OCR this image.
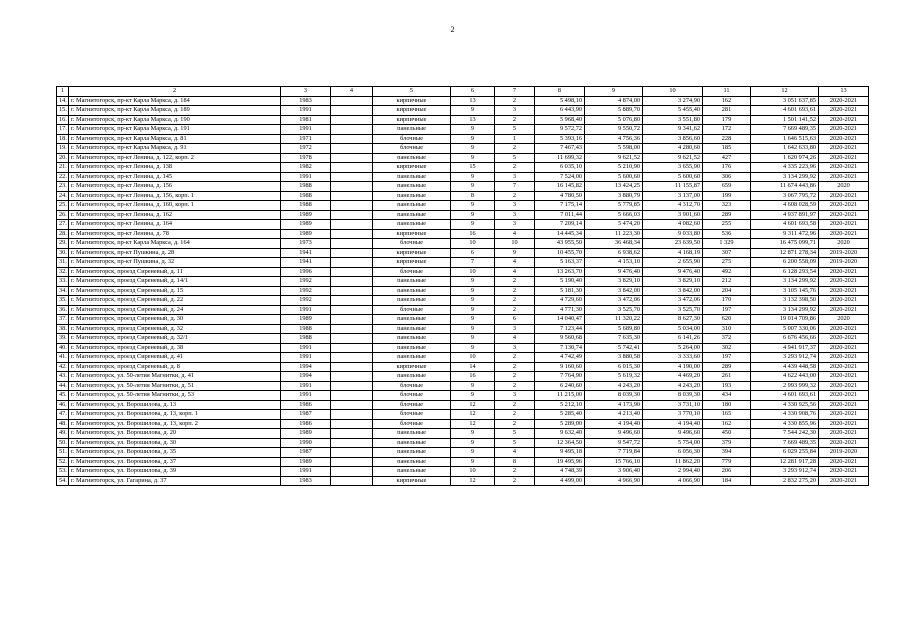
2
1	2	3	4	5	6	7	8	9	10	11	12	13
14.	г. Магнитогорск, пр-кт Карла Маркса, д. 184	1983		кирпичные	13	2	5 498,10	4 874,00	3 274,90	162	3 051 637,85	2020-2021
15.	г. Магнитогорск, пр-кт Карла Маркса, д. 189	1991		кирпичные	9	3	6 443,90	5 889,70	5 455,40	281	4 601 693,61	2020-2021
16.	г. Магнитогорск, пр-кт Карла Маркса, д. 190	1981		кирпичные	13	2	5 968,40	5 076,80	3 551,80	179	1 501 141,52	2020-2021
17.	г. Магнитогорск, пр-кт Карла Маркса, д. 191	1991		панельные	9	5	9 572,72	9 550,72	9 341,62	172	7 669 489,35	2020-2021
18.	г. Магнитогорск, пр-кт Карла Маркса, д. 81	1971		блочные	9	1	5 393,16	4 756,36	3 856,60	228	1 646 515,63	2020-2021
19.	г. Магнитогорск, пр-кт Карла Маркса, д. 91	1972		блочные	9	2	7 467,43	5 598,00	4 280,60	185	1 642 633,80	2020-2021
20.	г. Магнитогорск, пр-кт Ленина, д. 122, корп. 2	1978		панельные	9	5	11 699,32	9 621,52	9 621,52	427	1 620 974,26	2020-2021
21.	г. Магнитогорск, пр-кт Ленина, д. 138	1982		кирпичные	15	2	6 035,10	5 210,90	3 655,90	176	4 335 223,96	2020-2021
22.	г. Магнитогорск, пр-кт Ленина, д. 145	1991		панельные	9	3	7 524,00	5 600,60	5 600,60	306	3 134 299,92	2020-2021
23.	г. Магнитогорск, пр-кт Ленина, д. 156	1988		панельные	9	7	16 145,82	13 424,25	11 155,87	659	11 674 443,86	2020
24.	г. Магнитогорск, пр-кт Ленина, д. 156, корп. 1	1988		панельные	8	2	4 780,50	3 880,79	3 137,00	199	3 067 795,72	2020-2021
25.	г. Магнитогорск, пр-кт Ленина, д. 160, корп. 1	1988		панельные	9	3	7 175,14	5 779,85	4 312,70	323	4 608 028,59	2020-2021
26.	г. Магнитогорск, пр-кт Ленина, д. 162	1989		панельные	9	3	7 011,44	5 666,03	3 901,60	289	4 937 891,97	2020-2021
27.	г. Магнитогорск, пр-кт Ленина, д. 164	1989		панельные	9	3	7 209,14	5 474,20	4 082,60	255	4 601 693,58	2020-2021
28.	г. Магнитогорск, пр-кт Ленина, д. 78	1989		кирпичные	16	4	14 445,34	11 223,30	9 033,80	536	9 311 472,96	2020-2021
29.	г. Магнитогорск, пр-кт Карла Маркса, д. 164	1973		блочные	10	10	43 955,50	36 468,34	23 639,50	1 329	16 475 099,71	2020
30.	г. Магнитогорск, пр-кт Пушкина, д. 28	1941		кирпичные	6	9	10 455,70	6 938,62	4 168,19	307	12 871 278,34	2019-2020
31.	г. Магнитогорск, пр-кт Пушкина, д. 32	1941		кирпичные	7	4	5 163,37	4 153,10	2 655,90	275	6 200 558,09	2019-2020
32.	г. Магнитогорск, проезд Сиреневый, д. 11	1996		блочные	10	4	13 263,70	9 476,40	9 476,40	492	6 128 293,54	2020-2021
33.	г. Магнитогорск, проезд Сиреневый, д. 14/1	1992		панельные	9	2	5 190,40	3 829,10	3 829,10	212	3 134 299,92	2020-2021
34.	г. Магнитогорск, проезд Сиреневый, д. 15	1992		панельные	9	2	5 181,30	3 842,00	3 842,00	204	3 105 145,76	2020-2021
35.	г. Магнитогорск, проезд Сиреневый, д. 22	1992		панельные	9	2	4 729,60	3 472,06	3 472,06	170	3 132 398,50	2020-2021
36.	г. Магнитогорск, проезд Сиреневый, д. 24	1991		блочные	9	2	4 771,30	3 525,70	3 525,70	197	3 134 299,92	2020-2021
37.	г. Магнитогорск, проезд Сиреневый, д. 30	1989		панельные	9	6	14 040,47	11 320,22	8 627,30	620	19 014 709,86	2020
38.	г. Магнитогорск, проезд Сиреневый, д. 32	1988		панельные	9	3	7 123,44	5 689,80	5 034,00	310	5 007 330,06	2020-2021
39.	г. Магнитогорск, проезд Сиреневый, д. 32/1	1988		панельные	9	4	9 560,68	7 635,30	6 141,26	372	6 676 456,66	2020-2021
40.	г. Магнитогорск, проезд Сиреневый, д. 38	1991		панельные	9	3	7 130,74	5 742,41	5 264,00	302	4 941 917,37	2020-2021
41.	г. Магнитогорск, проезд Сиреневый, д. 41	1991		панельные	10	2	4 742,49	3 880,58	3 333,60	197	3 293 912,74	2020-2021
42.	г. Магнитогорск, проезд Сиреневый, д. 8	1994		кирпичные	14	2	9 160,60	6 015,30	4 190,00	289	4 439 448,58	2020-2021
43.	г. Магнитогорск, ул. 50-летия Магнитки, д. 41	1994		панельные	16	2	7 764,90	5 619,32	4 469,20	261	4 622 443,00	2020-2021
44.	г. Магнитогорск, ул. 50-летия Магнитки, д. 51	1991		блочные	9	2	6 240,60	4 243,20	4 243,20	193	2 993 999,32	2020-2021
45.	г. Магнитогорск, ул. 50-летия Магнитки, д. 53	1991		блочные	9	3	11 215,00	8 039,30	8 039,30	434	4 601 693,61	2020-2021
46.	г. Магнитогорск, ул. Ворошилова, д. 13	1986		блочные	12	2	5 212,10	4 173,90	3 731,10	180	4 330 925,56	2020-2021
47.	г. Магнитогорск, ул. Ворошилова, д. 13, корп. 1	1987		блочные	12	2	5 285,40	4 213,40	3 770,10	165	4 330 908,76	2020-2021
48.	г. Магнитогорск, ул. Ворошилова, д. 13, корп. 2	1986		блочные	12	2	5 289,00	4 194,40	4 194,40	162	4 330 855,96	2020-2021
49.	г. Магнитогорск, ул. Ворошилова, д. 20	1989		панельные	9	5	9 632,40	9 496,60	9 496,60	450	7 544 242,30	2020-2021
50.	г. Магнитогорск, ул. Ворошилова, д. 30	1990		панельные	9	5	12 364,50	9 547,72	5 754,00	379	7 669 489,35	2020-2021
51.	г. Магнитогорск, ул. Ворошилова, д. 35	1987		панельные	9	4	9 495,18	7 719,84	6 056,30	394	6 029 255,84	2019-2020
52.	г. Магнитогорск, ул. Ворошилова, д. 37	1989		панельные	9	8	19 495,96	15 766,10	11 862,20	779	12 281 917,28	2020-2021
53.	г. Магнитогорск, ул. Ворошилова, д. 39	1991		панельные	10	2	4 748,39	3 906,40	2 994,40	206	3 293 912,74	2020-2021
54.	г. Магнитогорск, ул. Гагарина, д. 37	1983		кирпичные	12	2	4 499,00	4 966,90	4 066,90	184	2 832 275,20	2020-2021
